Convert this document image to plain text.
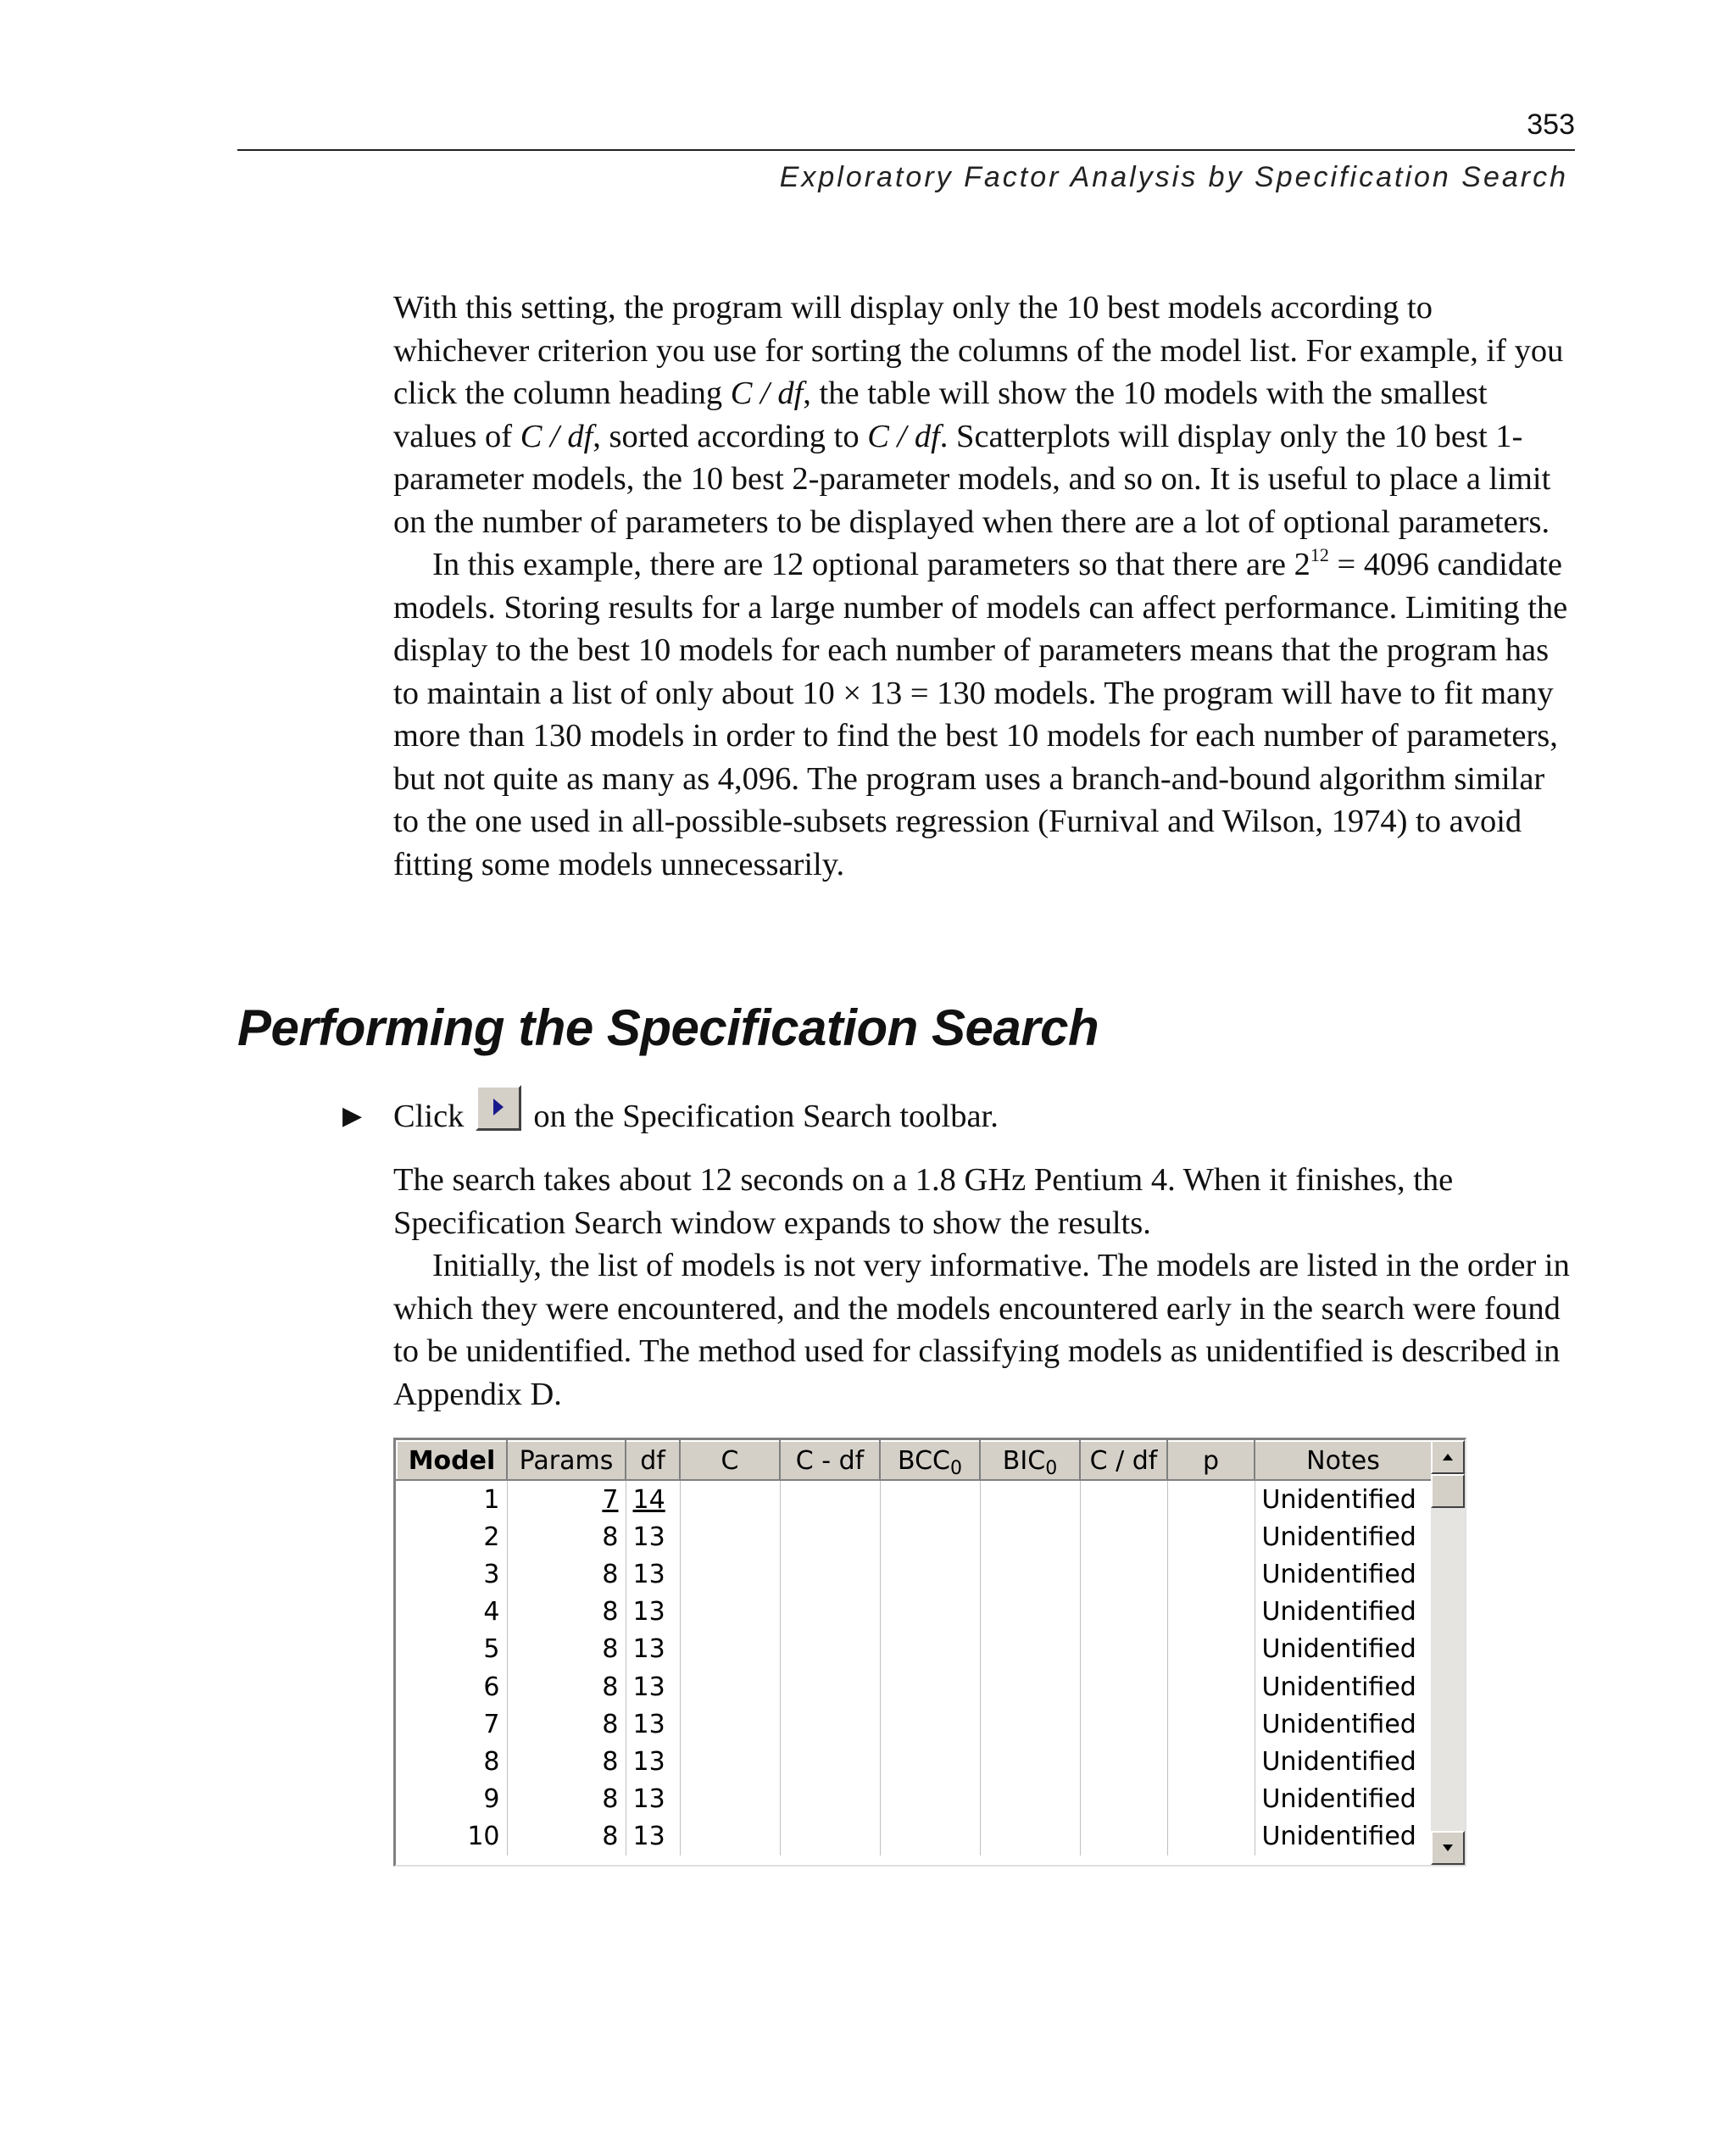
353
Exploratory Factor Analysis by Specification Search

With this setting, the program will display only the 10 best models according to whichever criterion you use for sorting the columns of the model list. For example, if you click the column heading C / df, the table will show the 10 models with the smallest values of C / df, sorted according to C / df. Scatterplots will display only the 10 best 1-parameter models, the 10 best 2-parameter models, and so on. It is useful to place a limit on the number of parameters to be displayed when there are a lot of optional parameters.

In this example, there are 12 optional parameters so that there are $2^{12} = 4096$ candidate models. Storing results for a large number of models can affect performance. Limiting the display to the best 10 models for each number of parameters means that the program has to maintain a list of only about 10 × 13 = 130 models. The program will have to fit many more than 130 models in order to find the best 10 models for each number of parameters, but not quite as many as 4,096. The program uses a branch-and-bound algorithm similar to the one used in all-possible-subsets regression (Furnival and Wilson, 1974) to avoid fitting some models unnecessarily.

Performing the Specification Search
▶ Click on the Specification Search toolbar.

The search takes about 12 seconds on a 1.8 GHz Pentium 4. When it finishes, the Specification Search window expands to show the results.

Initially, the list of models is not very informative. The models are listed in the order in which they were encountered, and the models encountered early in the search were found to be unidentified. The method used for classifying models as unidentified is described in Appendix D.

Model	Params	df	C	C - df	$BCC_0$	$BIC_0$	C / df	p	Notes
1	7	14							Unidentified
2	8	13							Unidentified
3	8	13							Unidentified
4	8	13							Unidentified
5	8	13							Unidentified
6	8	13							Unidentified
7	8	13							Unidentified
8	8	13							Unidentified
9	8	13							Unidentified
10	8	13							Unidentified
